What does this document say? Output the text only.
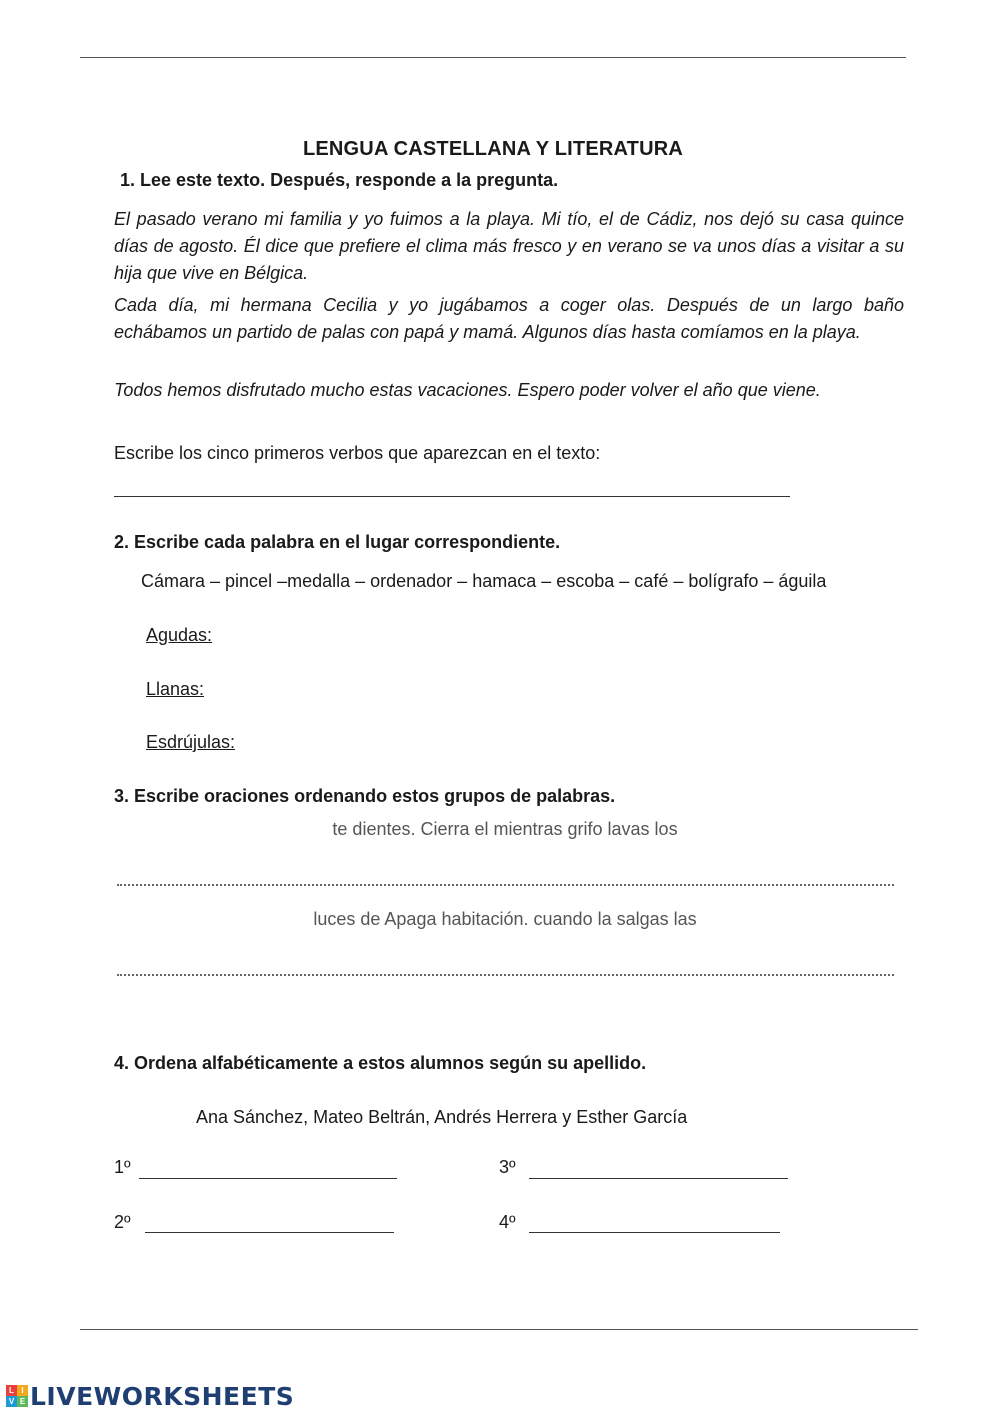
LENGUA CASTELLANA Y LITERATURA
1. Lee este texto. Después, responde a la pregunta.
El pasado verano mi familia y yo fuimos a la playa. Mi tío, el de Cádiz, nos dejó su casa quince días de agosto. Él dice que prefiere el clima más fresco y en verano se va unos días a visitar a su hija que vive en Bélgica.
Cada día, mi hermana Cecilia y yo jugábamos a coger olas. Después de un largo baño echábamos un partido de palas con papá y mamá. Algunos días hasta comíamos en la playa.
Todos hemos disfrutado mucho estas vacaciones. Espero poder volver el año que viene.
Escribe los cinco primeros verbos que aparezcan en el texto:
2. Escribe cada palabra en el lugar correspondiente.
Cámara – pincel –medalla – ordenador – hamaca – escoba – café – bolígrafo – águila
Agudas:
Llanas:
Esdrújulas:
3. Escribe oraciones ordenando estos grupos de palabras.
te dientes. Cierra el mientras grifo lavas los
luces de Apaga habitación. cuando la salgas las
4. Ordena alfabéticamente a estos alumnos según su apellido.
Ana Sánchez, Mateo Beltrán, Andrés Herrera y Esther García
1º	3º
2º	4º
L I
V E LIVEWORKSHEETS
